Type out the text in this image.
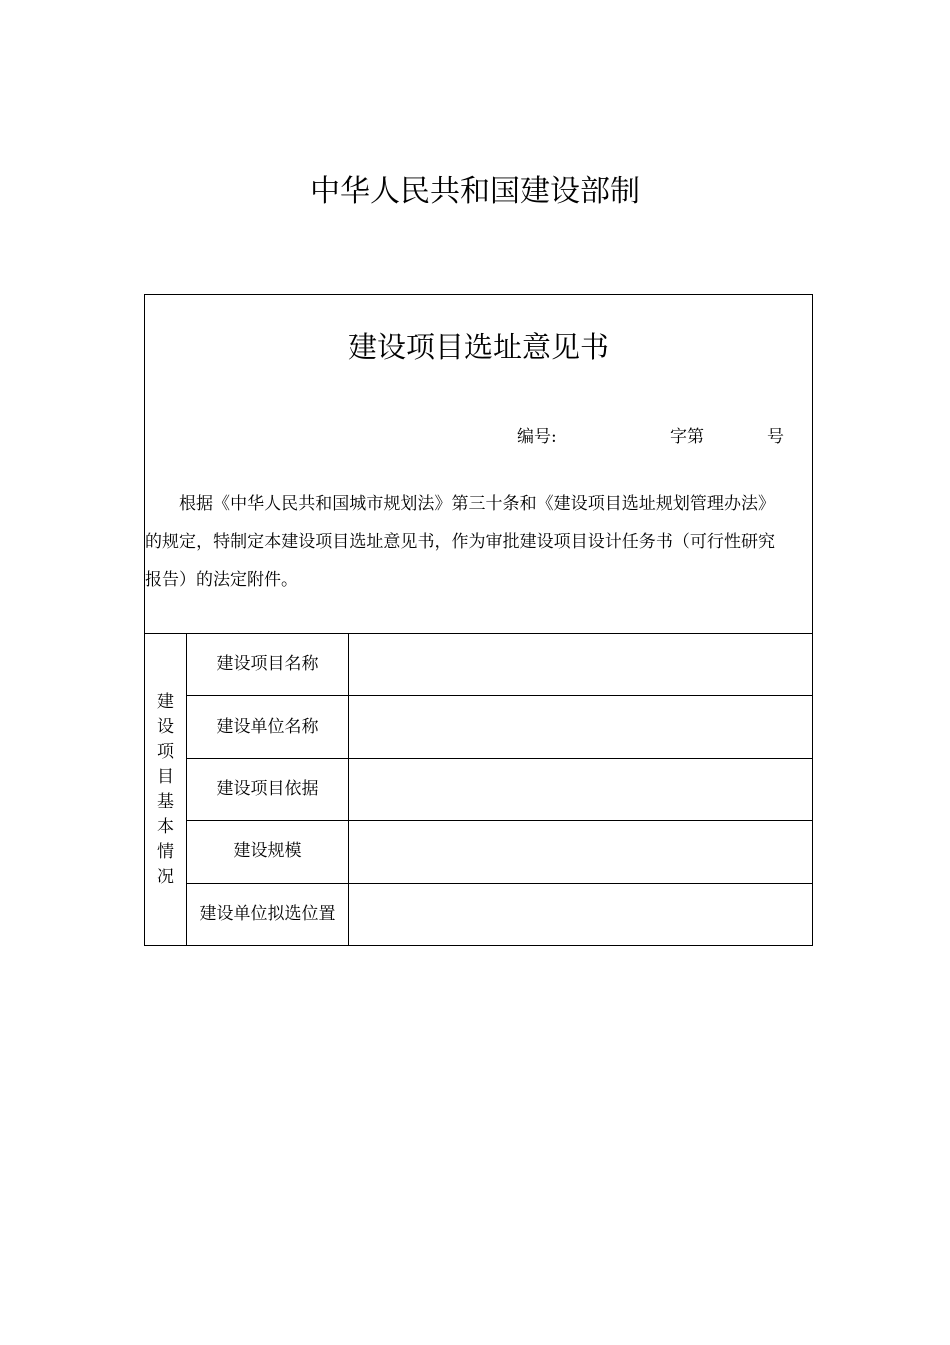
中华人民共和国建设部制
建设项目选址意见书
编号:	字第	号

根据《中华人民共和国城市规划法》第三十条和《建设项目选址规划管理办法》的规定，特制定本建设项目选址意见书，作为审批建设项目设计任务书（可行性研究报告）的法定附件。

建
设
项
目
基
本
情
况
建设项目名称
建设单位名称
建设项目依据
建设规模
建设单位拟选位置
